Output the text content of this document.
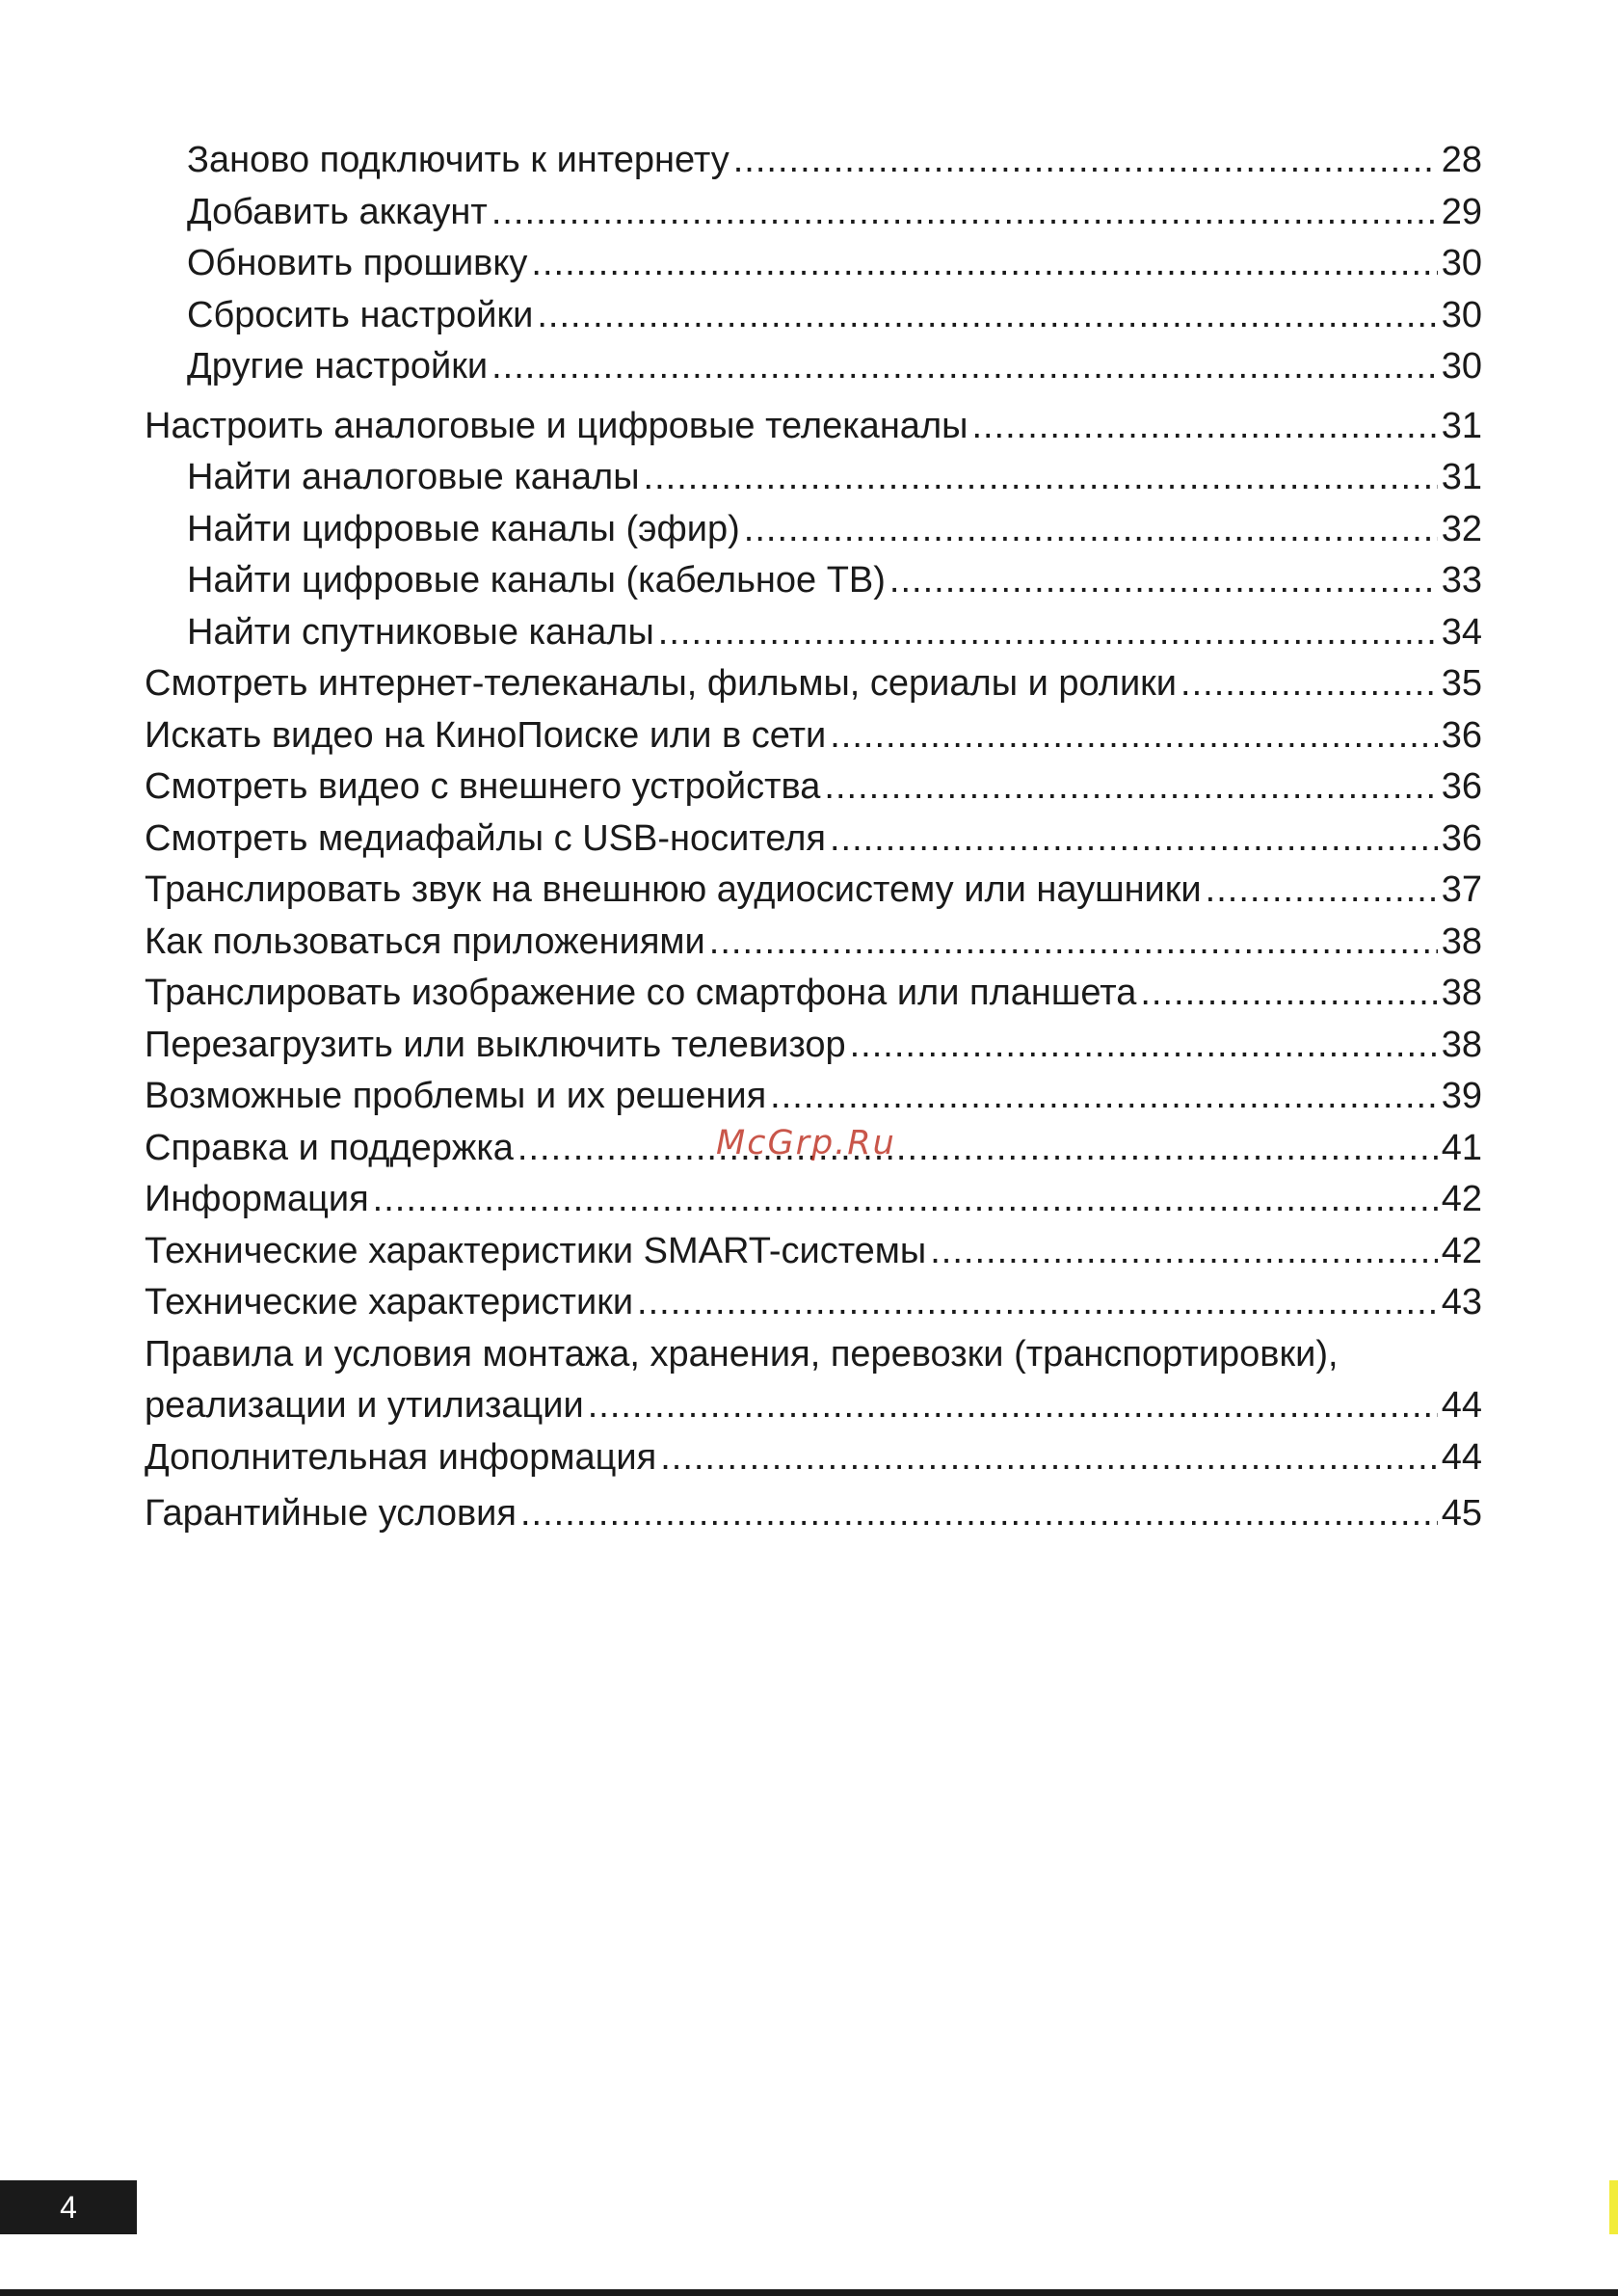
Заново подключить к интернету .....	28
Добавить аккаунт .....	29
Обновить прошивку .....	30
Сбросить настройки .....	30
Другие настройки .....	30
Настроить аналоговые и цифровые телеканалы .....	31
Найти аналоговые каналы .....	31
Найти цифровые каналы (эфир) .....	32
Найти цифровые каналы (кабельное ТВ) .....	33
Найти спутниковые каналы .....	34
Смотреть интернет-телеканалы, фильмы, сериалы и ролики .....	35
Искать видео на КиноПоиске или в сети .....	36
Смотреть видео с внешнего устройства .....	36
Смотреть медиафайлы с USB-носителя .....	36
Транслировать звук на внешнюю аудиосистему или наушники .....	37
Как пользоваться приложениями .....	38
Транслировать изображение со смартфона или планшета .....	38
Перезагрузить или выключить телевизор .....	38
Возможные проблемы и их решения .....	39
Справка и поддержка .....	41
Информация .....	42
Технические характеристики SMART-системы .....	42
Технические характеристики .....	43
Правила и условия монтажа, хранения, перевозки (транспортировки),
реализации и утилизации .....	44
Дополнительная информация .....	44
Гарантийные условия .....	45
McGrp.Ru
4
